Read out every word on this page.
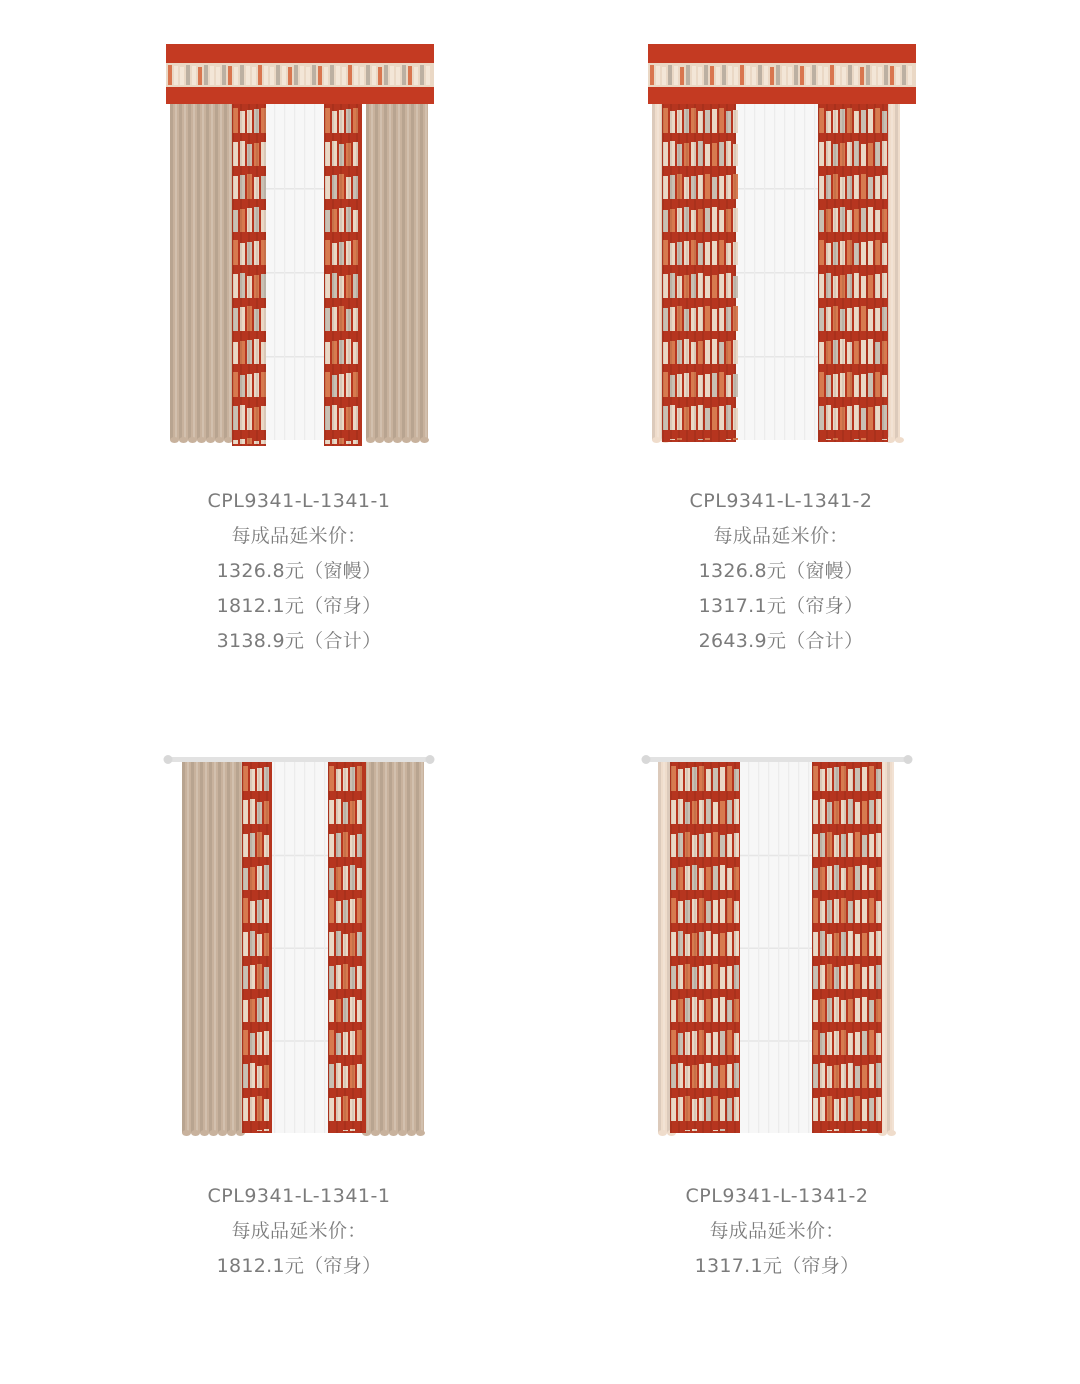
CPL9341-L-1341-1
每成品延米价：
1326.8元（窗幔）
1812.1元（帘身）
3138.9元（合计）
CPL9341-L-1341-2
每成品延米价：
1326.8元（窗幔）
1317.1元（帘身）
2643.9元（合计）
CPL9341-L-1341-1
每成品延米价：
1812.1元（帘身）
CPL9341-L-1341-2
每成品延米价：
1317.1元（帘身）
